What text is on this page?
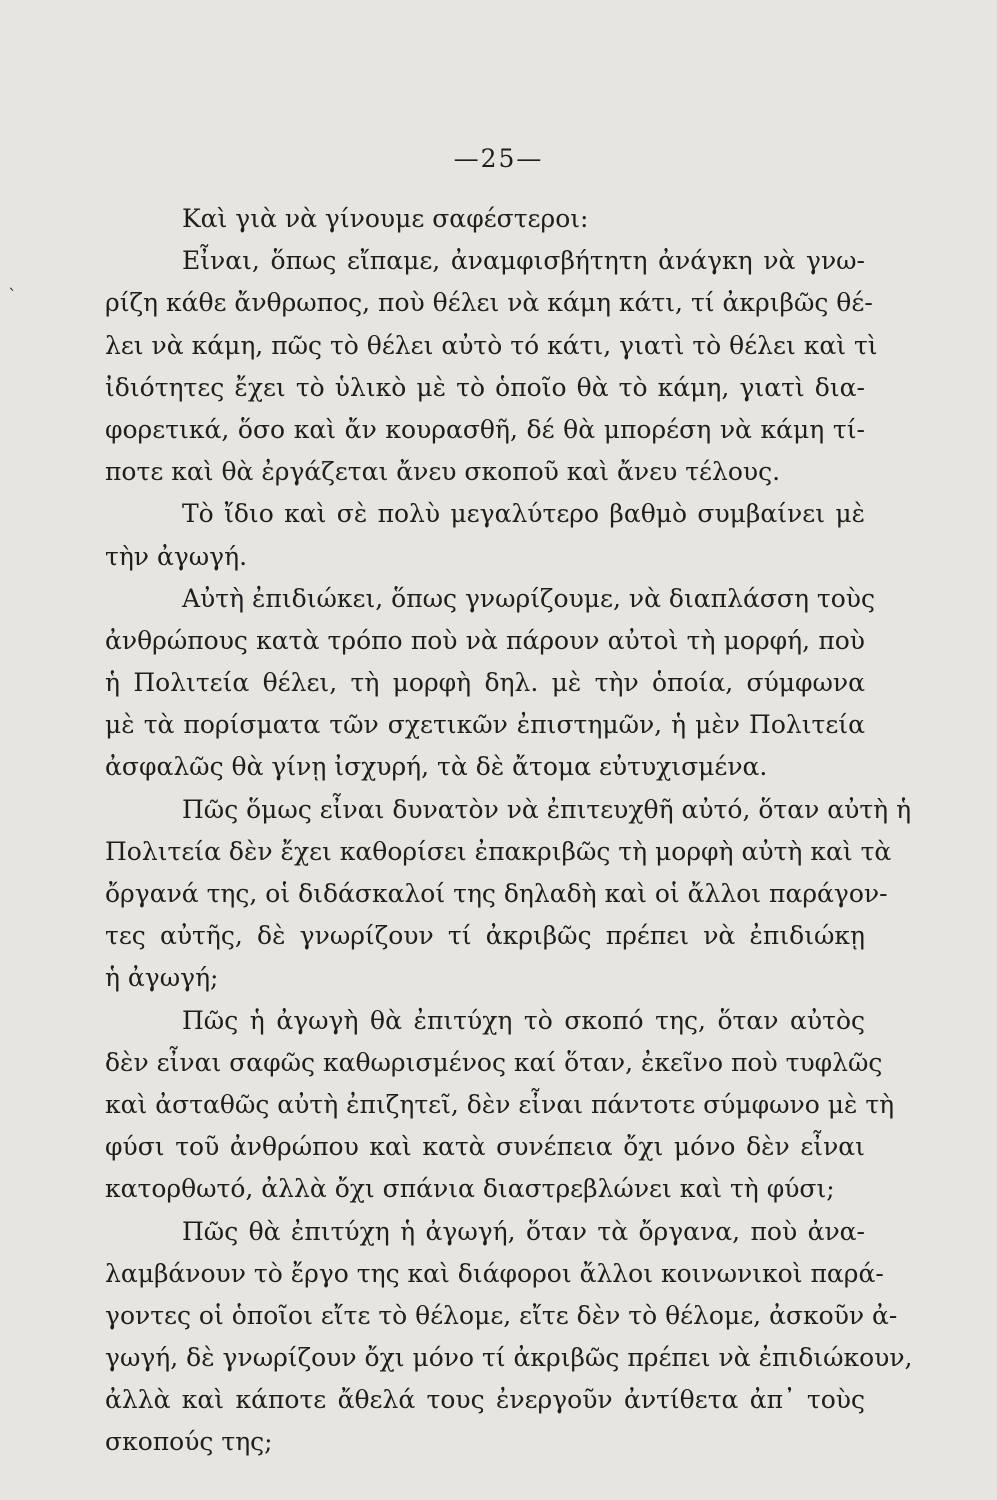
—25—
`
Καὶ γιὰ νὰ γίνουμε σαφέστεροι:
Εἶναι, ὅπως εἴπαμε, ἀναμφισβήτητη ἀνάγκη νὰ γνω-
ρίζη κάθε ἄνθρωπος, ποὺ θέλει νὰ κάμη κάτι, τί ἀκριβῶς θέ-
λει νὰ κάμη, πῶς τὸ θέλει αὐτὸ τό κάτι, γιατὶ τὸ θέλει καὶ τὶ
ἰδιότητες ἔχει τὸ ὑλικὸ μὲ τὸ ὁποῖο θὰ τὸ κάμη, γιατὶ δια-
φορετικά, ὅσο καὶ ἄν κουρασθῆ, δέ θὰ μπορέση νὰ κάμη τί-
ποτε καὶ θὰ ἐργάζεται ἄνευ σκοποῦ καὶ ἄνευ τέλους.
Τὸ ἴδιο καὶ σὲ πολὺ μεγαλύτερο βαθμὸ συμβαίνει μὲ
τὴν ἀγωγή.
Αὐτὴ ἐπιδιώκει, ὅπως γνωρίζουμε, νὰ διαπλάσση τοὺς
ἀνθρώπους κατὰ τρόπο ποὺ νὰ πάρουν αὐτοὶ τὴ μορφή, ποὺ
ἡ Πολιτεία θέλει, τὴ μορφὴ δηλ. μὲ τὴν ὁποία, σύμφωνα
μὲ τὰ πορίσματα τῶν σχετικῶν ἐπιστημῶν, ἡ μὲν Πολιτεία
ἀσφαλῶς θὰ γίνῃ ἰσχυρή, τὰ δὲ ἄτομα εὐτυχισμένα.
Πῶς ὅμως εἶναι δυνατὸν νὰ ἐπιτευχθῆ αὐτό, ὅταν αὐτὴ ἡ
Πολιτεία δὲν ἔχει καθορίσει ἐπακριβῶς τὴ μορφὴ αὐτὴ καὶ τὰ
ὄργανά της, οἱ διδάσκαλοί της δηλαδὴ καὶ οἱ ἄλλοι παράγον-
τες αὐτῆς, δὲ γνωρίζουν τί ἀκριβῶς πρέπει νὰ ἐπιδιώκῃ
ἡ ἀγωγή;
Πῶς ἡ ἀγωγὴ θὰ ἐπιτύχη τὸ σκοπό της, ὅταν αὐτὸς
δὲν εἶναι σαφῶς καθωρισμένος καί ὅταν, ἐκεῖνο ποὺ τυφλῶς
καὶ ἀσταθῶς αὐτὴ ἐπιζητεῖ, δὲν εἶναι πάντοτε σύμφωνο μὲ τὴ
φύσι τοῦ ἀνθρώπου καὶ κατὰ συνέπεια ὄχι μόνο δὲν εἶναι
κατορθωτό, ἀλλὰ ὄχι σπάνια διαστρεβλώνει καὶ τὴ φύσι;
Πῶς θὰ ἐπιτύχη ἡ ἀγωγή, ὅταν τὰ ὄργανα, ποὺ ἀνα-
λαμβάνουν τὸ ἔργο της καὶ διάφοροι ἄλλοι κοινωνικοὶ παρά-
γοντες οἱ ὁποῖοι εἴτε τὸ θέλομε, εἴτε δὲν τὸ θέλομε, ἀσκοῦν ἀ-
γωγή, δὲ γνωρίζουν ὄχι μόνο τί ἀκριβῶς πρέπει νὰ ἐπιδιώκουν,
ἀλλὰ καὶ κάποτε ἄθελά τους ἐνεργοῦν ἀντίθετα ἀπ᾽ τοὺς
σκοπούς της;
